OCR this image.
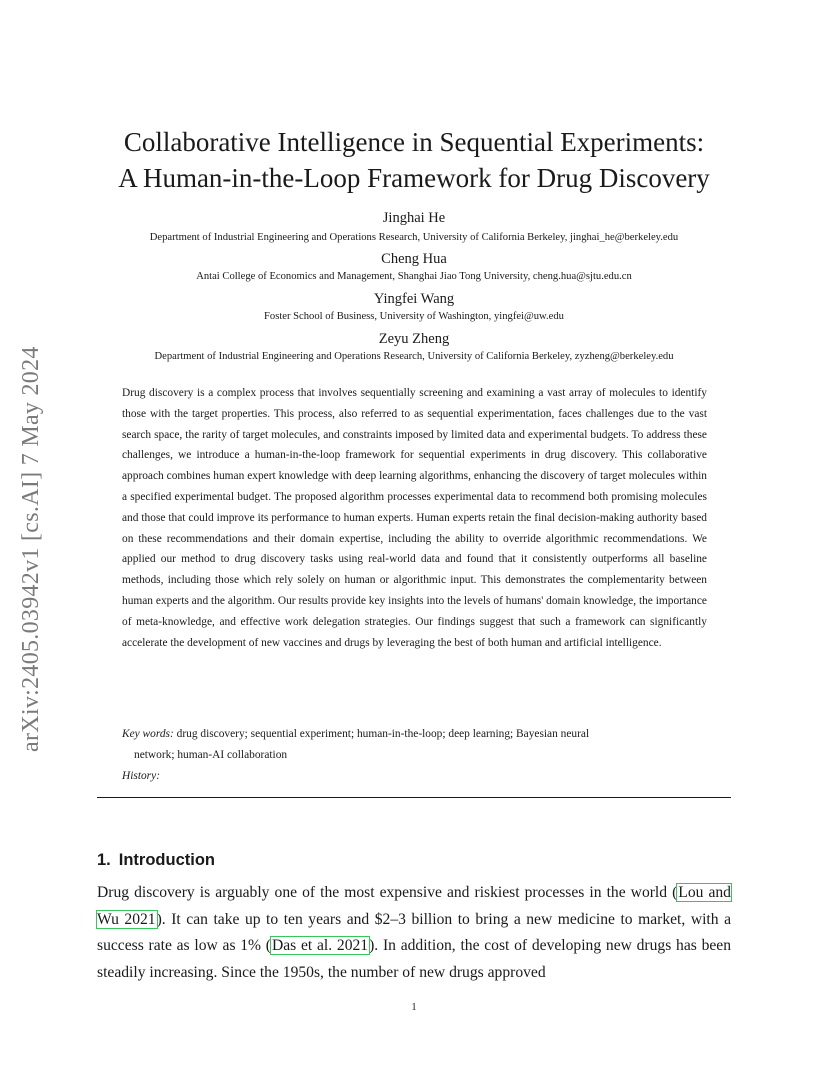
arXiv:2405.03942v1 [cs.AI] 7 May 2024
Collaborative Intelligence in Sequential Experiments:
A Human-in-the-Loop Framework for Drug Discovery
Jinghai He
Department of Industrial Engineering and Operations Research, University of California Berkeley, jinghai_he@berkeley.edu
Cheng Hua
Antai College of Economics and Management, Shanghai Jiao Tong University, cheng.hua@sjtu.edu.cn
Yingfei Wang
Foster School of Business, University of Washington, yingfei@uw.edu
Zeyu Zheng
Department of Industrial Engineering and Operations Research, University of California Berkeley, zyzheng@berkeley.edu

Drug discovery is a complex process that involves sequentially screening and examining a vast array of molecules to identify those with the target properties. This process, also referred to as sequential experimentation, faces challenges due to the vast search space, the rarity of target molecules, and constraints imposed by limited data and experimental budgets. To address these challenges, we introduce a human-in-the-loop framework for sequential experiments in drug discovery. This collaborative approach combines human expert knowledge with deep learning algorithms, enhancing the discovery of target molecules within a specified experimental budget. The proposed algorithm processes experimental data to recommend both promising molecules and those that could improve its performance to human experts. Human experts retain the final decision-making authority based on these recommendations and their domain expertise, including the ability to override algorithmic recommendations. We applied our method to drug discovery tasks using real-world data and found that it consistently outperforms all baseline methods, including those which rely solely on human or algorithmic input. This demonstrates the complementarity between human experts and the algorithm. Our results provide key insights into the levels of humans' domain knowledge, the importance of meta-knowledge, and effective work delegation strategies. Our findings suggest that such a framework can significantly accelerate the development of new vaccines and drugs by leveraging the best of both human and artificial intelligence.

Key words: drug discovery; sequential experiment; human-in-the-loop; deep learning; Bayesian neural
network; human-AI collaboration
History:
1. Introduction

Drug discovery is arguably one of the most expensive and riskiest processes in the world (Lou and Wu 2021). It can take up to ten years and $2–3 billion to bring a new medicine to market, with a success rate as low as 1% (Das et al. 2021). In addition, the cost of developing new drugs has been steadily increasing. Since the 1950s, the number of new drugs approved

1
